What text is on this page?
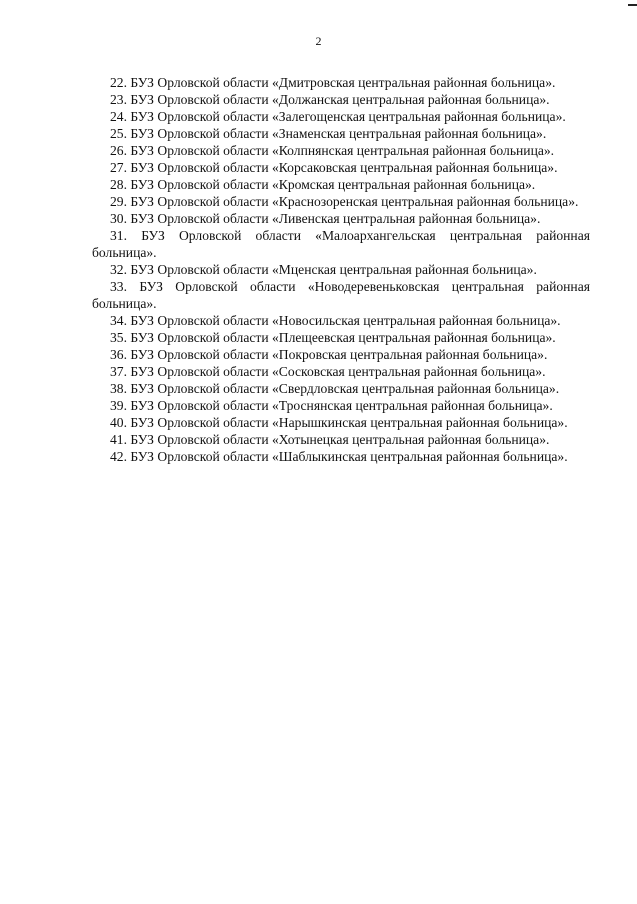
2

22. БУЗ Орловской области «Дмитровская центральная районная больница».

23. БУЗ Орловской области «Должанская центральная районная больница».

24. БУЗ Орловской области «Залегощенская центральная районная больница».

25. БУЗ Орловской области «Знаменская центральная районная больница».

26. БУЗ Орловской области «Колпнянская центральная районная больница».

27. БУЗ Орловской области «Корсаковская центральная районная больница».

28. БУЗ Орловской области «Кромская центральная районная больница».

29. БУЗ Орловской области «Краснозоренская центральная районная больница».

30. БУЗ Орловской области «Ливенская центральная районная больница».

31. БУЗ Орловской области «Малоархангельская центральная районная больница».

32. БУЗ Орловской области «Мценская центральная районная больница».

33. БУЗ Орловской области «Новодеревеньковская центральная районная больница».

34. БУЗ Орловской области «Новосильская центральная районная больница».

35. БУЗ Орловской области «Плещеевская центральная районная больница».

36. БУЗ Орловской области «Покровская центральная районная больница».

37. БУЗ Орловской области «Сосковская центральная районная больница».

38. БУЗ Орловской области «Свердловская центральная районная больница».

39. БУЗ Орловской области «Троснянская центральная районная больница».

40. БУЗ Орловской области «Нарышкинская центральная районная больница».

41. БУЗ Орловской области «Хотынецкая центральная районная больница».

42. БУЗ Орловской области «Шаблыкинская центральная районная больница».
